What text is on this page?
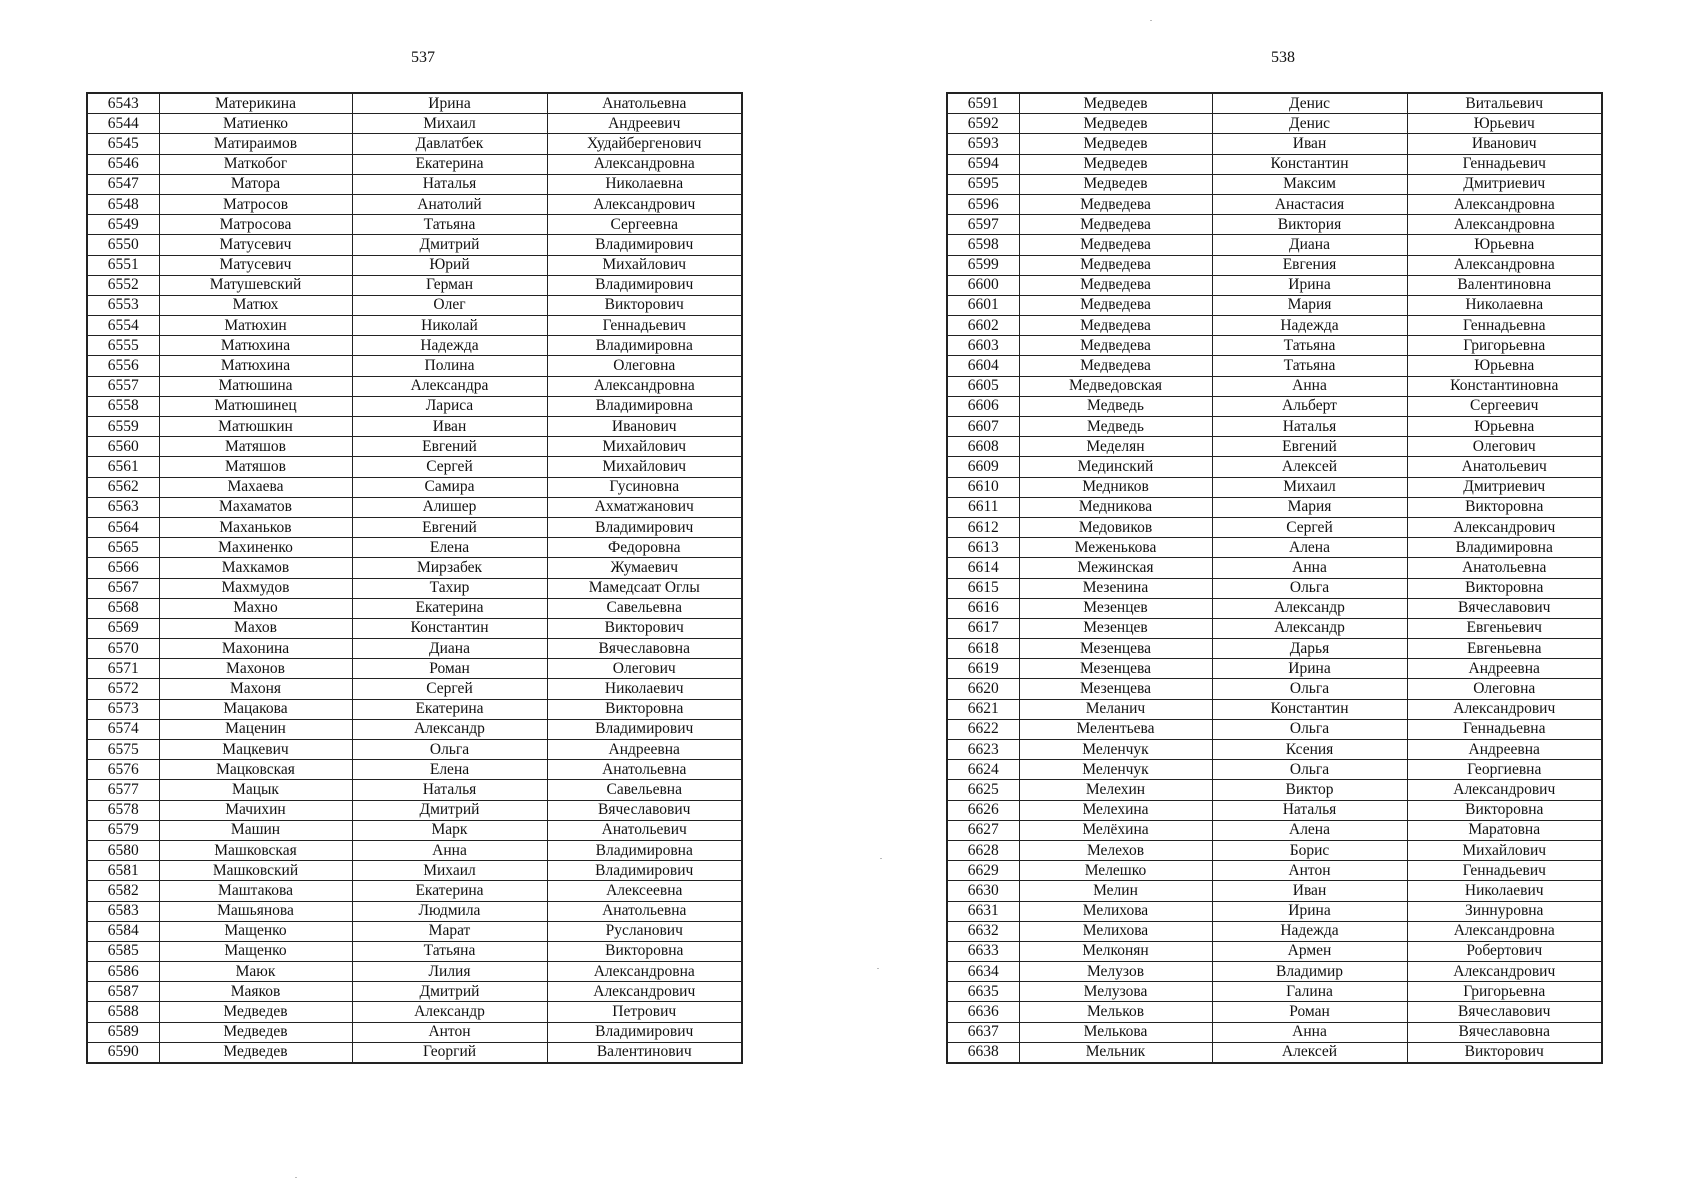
537	538
6543	Материкина	Ирина	Анатольевна
6544	Матиенко	Михаил	Андреевич
6545	Матираимов	Давлатбек	Худайбергенович
6546	Маткобог	Екатерина	Александровна
6547	Матора	Наталья	Николаевна
6548	Матросов	Анатолий	Александрович
6549	Матросова	Татьяна	Сергеевна
6550	Матусевич	Дмитрий	Владимирович
6551	Матусевич	Юрий	Михайлович
6552	Матушевский	Герман	Владимирович
6553	Матюх	Олег	Викторович
6554	Матюхин	Николай	Геннадьевич
6555	Матюхина	Надежда	Владимировна
6556	Матюхина	Полина	Олеговна
6557	Матюшина	Александра	Александровна
6558	Матюшинец	Лариса	Владимировна
6559	Матюшкин	Иван	Иванович
6560	Матяшов	Евгений	Михайлович
6561	Матяшов	Сергей	Михайлович
6562	Махаева	Самира	Гусиновна
6563	Махаматов	Алишер	Ахматжанович
6564	Маханьков	Евгений	Владимирович
6565	Махиненко	Елена	Федоровна
6566	Махкамов	Мирзабек	Жумаевич
6567	Махмудов	Тахир	Мамедсаат Оглы
6568	Махно	Екатерина	Савельевна
6569	Махов	Константин	Викторович
6570	Махонина	Диана	Вячеславовна
6571	Махонов	Роман	Олегович
6572	Махоня	Сергей	Николаевич
6573	Мацакова	Екатерина	Викторовна
6574	Маценин	Александр	Владимирович
6575	Мацкевич	Ольга	Андреевна
6576	Мацковская	Елена	Анатольевна
6577	Мацык	Наталья	Савельевна
6578	Мачихин	Дмитрий	Вячеславович
6579	Машин	Марк	Анатольевич
6580	Машковская	Анна	Владимировна
6581	Машковский	Михаил	Владимирович
6582	Маштакова	Екатерина	Алексеевна
6583	Машьянова	Людмила	Анатольевна
6584	Мащенко	Марат	Русланович
6585	Мащенко	Татьяна	Викторовна
6586	Маюк	Лилия	Александровна
6587	Маяков	Дмитрий	Александрович
6588	Медведев	Александр	Петрович
6589	Медведев	Антон	Владимирович
6590	Медведев	Георгий	Валентинович
6591	Медведев	Денис	Витальевич
6592	Медведев	Денис	Юрьевич
6593	Медведев	Иван	Иванович
6594	Медведев	Константин	Геннадьевич
6595	Медведев	Максим	Дмитриевич
6596	Медведева	Анастасия	Александровна
6597	Медведева	Виктория	Александровна
6598	Медведева	Диана	Юрьевна
6599	Медведева	Евгения	Александровна
6600	Медведева	Ирина	Валентиновна
6601	Медведева	Мария	Николаевна
6602	Медведева	Надежда	Геннадьевна
6603	Медведева	Татьяна	Григорьевна
6604	Медведева	Татьяна	Юрьевна
6605	Медведовская	Анна	Константиновна
6606	Медведь	Альберт	Сергеевич
6607	Медведь	Наталья	Юрьевна
6608	Меделян	Евгений	Олегович
6609	Мединский	Алексей	Анатольевич
6610	Медников	Михаил	Дмитриевич
6611	Медникова	Мария	Викторовна
6612	Медовиков	Сергей	Александрович
6613	Меженькова	Алена	Владимировна
6614	Межинская	Анна	Анатольевна
6615	Мезенина	Ольга	Викторовна
6616	Мезенцев	Александр	Вячеславович
6617	Мезенцев	Александр	Евгеньевич
6618	Мезенцева	Дарья	Евгеньевна
6619	Мезенцева	Ирина	Андреевна
6620	Мезенцева	Ольга	Олеговна
6621	Меланич	Константин	Александрович
6622	Мелентьева	Ольга	Геннадьевна
6623	Меленчук	Ксения	Андреевна
6624	Меленчук	Ольга	Георгиевна
6625	Мелехин	Виктор	Александрович
6626	Мелехина	Наталья	Викторовна
6627	Мелёхина	Алена	Маратовна
6628	Мелехов	Борис	Михайлович
6629	Мелешко	Антон	Геннадьевич
6630	Мелин	Иван	Николаевич
6631	Мелихова	Ирина	Зиннуровна
6632	Мелихова	Надежда	Александровна
6633	Мелконян	Армен	Робертович
6634	Мелузов	Владимир	Александрович
6635	Мелузова	Галина	Григорьевна
6636	Мельков	Роман	Вячеславович
6637	Мелькова	Анна	Вячеславовна
6638	Мельник	Алексей	Викторович
